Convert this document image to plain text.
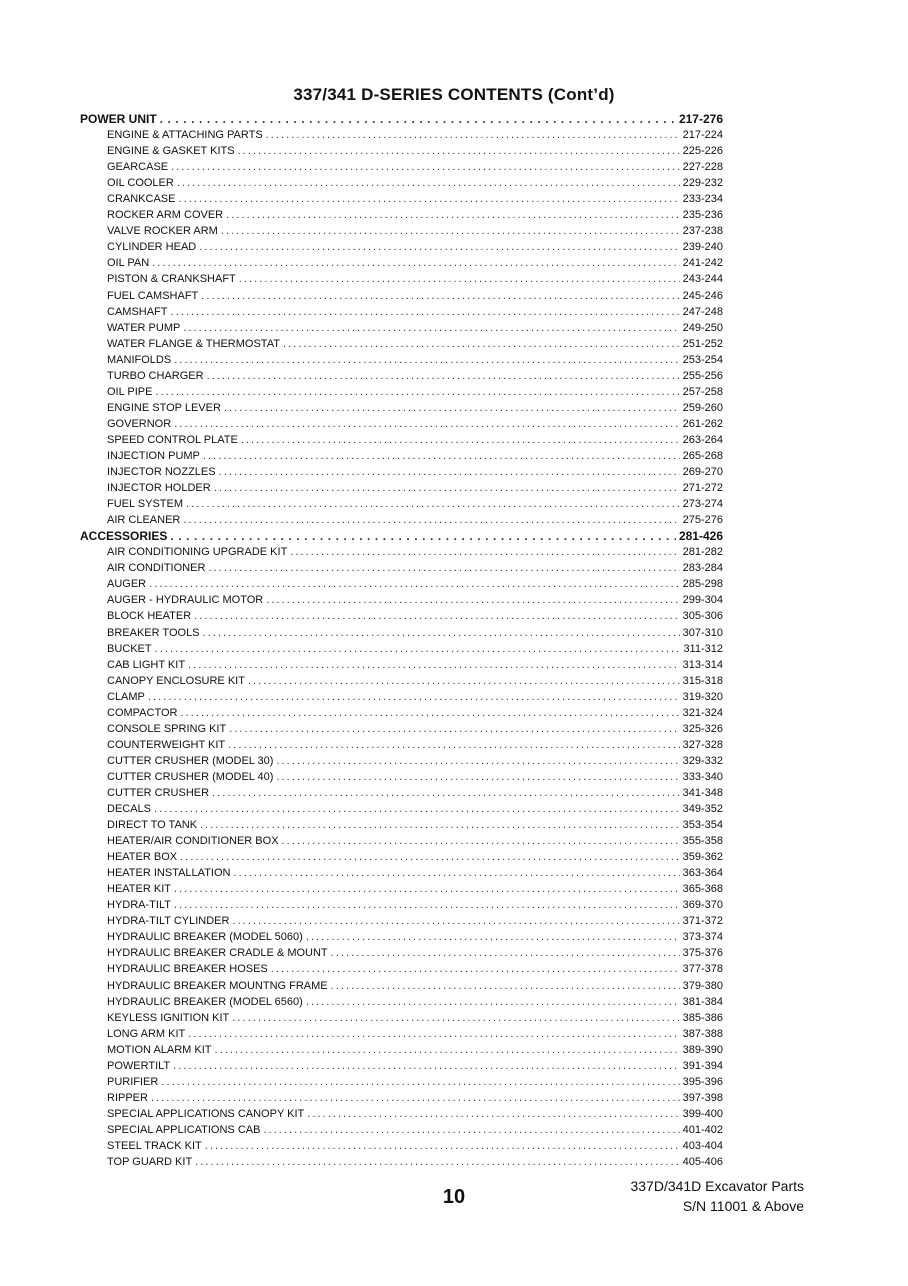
337/341 D-SERIES CONTENTS (Cont’d)
POWER UNIT . . .	217-276
ENGINE & ATTACHING PARTS . . .	217-224
ENGINE & GASKET KITS . . .	225-226
GEARCASE . . .	227-228
OIL COOLER . . .	229-232
CRANKCASE . . .	233-234
ROCKER ARM COVER . . .	235-236
VALVE ROCKER ARM . . .	237-238
CYLINDER HEAD . . .	239-240
OIL PAN . . .	241-242
PISTON & CRANKSHAFT . . .	243-244
FUEL CAMSHAFT . . .	245-246
CAMSHAFT . . .	247-248
WATER PUMP . . .	249-250
WATER FLANGE & THERMOSTAT . . .	251-252
MANIFOLDS . . .	253-254
TURBO CHARGER . . .	255-256
OIL PIPE . . .	257-258
ENGINE STOP LEVER . . .	259-260
GOVERNOR . . .	261-262
SPEED CONTROL PLATE . . .	263-264
INJECTION PUMP . . .	265-268
INJECTOR NOZZLES . . .	269-270
INJECTOR HOLDER . . .	271-272
FUEL SYSTEM . . .	273-274
AIR CLEANER . . .	275-276
ACCESSORIES . . .	281-426
AIR CONDITIONING UPGRADE KIT . . .	281-282
AIR CONDITIONER . . .	283-284
AUGER . . .	285-298
AUGER - HYDRAULIC MOTOR . . .	299-304
BLOCK HEATER . . .	305-306
BREAKER TOOLS . . .	307-310
BUCKET . . .	311-312
CAB LIGHT KIT . . .	313-314
CANOPY ENCLOSURE KIT . . .	315-318
CLAMP . . .	319-320
COMPACTOR . . .	321-324
CONSOLE SPRING KIT . . .	325-326
COUNTERWEIGHT KIT . . .	327-328
CUTTER CRUSHER (MODEL 30) . . .	329-332
CUTTER CRUSHER (MODEL 40) . . .	333-340
CUTTER CRUSHER . . .	341-348
DECALS . . .	349-352
DIRECT TO TANK . . .	353-354
HEATER/AIR CONDITIONER BOX . . .	355-358
HEATER BOX . . .	359-362
HEATER INSTALLATION . . .	363-364
HEATER KIT . . .	365-368
HYDRA-TILT . . .	369-370
HYDRA-TILT CYLINDER . . .	371-372
HYDRAULIC BREAKER (MODEL 5060) . . .	373-374
HYDRAULIC BREAKER CRADLE & MOUNT . . .	375-376
HYDRAULIC BREAKER HOSES . . .	377-378
HYDRAULIC BREAKER MOUNTNG FRAME . . .	379-380
HYDRAULIC BREAKER (MODEL 6560) . . .	381-384
KEYLESS IGNITION KIT . . .	385-386
LONG ARM KIT . . .	387-388
MOTION ALARM KIT . . .	389-390
POWERTILT . . .	391-394
PURIFIER . . .	395-396
RIPPER . . .	397-398
SPECIAL APPLICATIONS CANOPY KIT . . .	399-400
SPECIAL APPLICATIONS CAB . . .	401-402
STEEL TRACK KIT . . .	403-404
TOP GUARD KIT . . .	405-406
10	337D/341D Excavator Parts
S/N 11001 & Above
